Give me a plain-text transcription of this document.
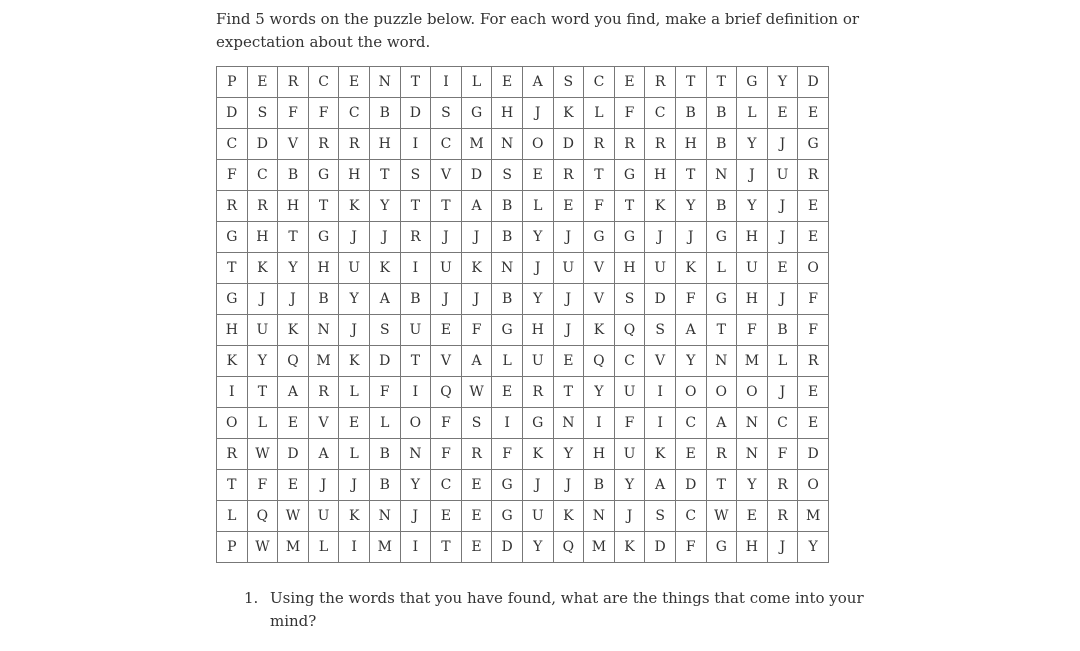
Find 5 words on the puzzle below. For each word you find, make a brief definition or expectation about the word.

P	E	R	C	E	N	T	I	L	E	A	S	C	E	R	T	T	G	Y	D
D	S	F	F	C	B	D	S	G	H	J	K	L	F	C	B	B	L	E	E
C	D	V	R	R	H	I	C	M	N	O	D	R	R	R	H	B	Y	J	G
F	C	B	G	H	T	S	V	D	S	E	R	T	G	H	T	N	J	U	R
R	R	H	T	K	Y	T	T	A	B	L	E	F	T	K	Y	B	Y	J	E
G	H	T	G	J	J	R	J	J	B	Y	J	G	G	J	J	G	H	J	E
T	K	Y	H	U	K	I	U	K	N	J	U	V	H	U	K	L	U	E	O
G	J	J	B	Y	A	B	J	J	B	Y	J	V	S	D	F	G	H	J	F
H	U	K	N	J	S	U	E	F	G	H	J	K	Q	S	A	T	F	B	F
K	Y	Q	M	K	D	T	V	A	L	U	E	Q	C	V	Y	N	M	L	R
I	T	A	R	L	F	I	Q	W	E	R	T	Y	U	I	O	O	O	J	E
O	L	E	V	E	L	O	F	S	I	G	N	I	F	I	C	A	N	C	E
R	W	D	A	L	B	N	F	R	F	K	Y	H	U	K	E	R	N	F	D
T	F	E	J	J	B	Y	C	E	G	J	J	B	Y	A	D	T	Y	R	O
L	Q	W	U	K	N	J	E	E	G	U	K	N	J	S	C	W	E	R	M
P	W	M	L	I	M	I	T	E	D	Y	Q	M	K	D	F	G	H	J	Y
1. Using the words that you have found, what are the things that come into your mind?
